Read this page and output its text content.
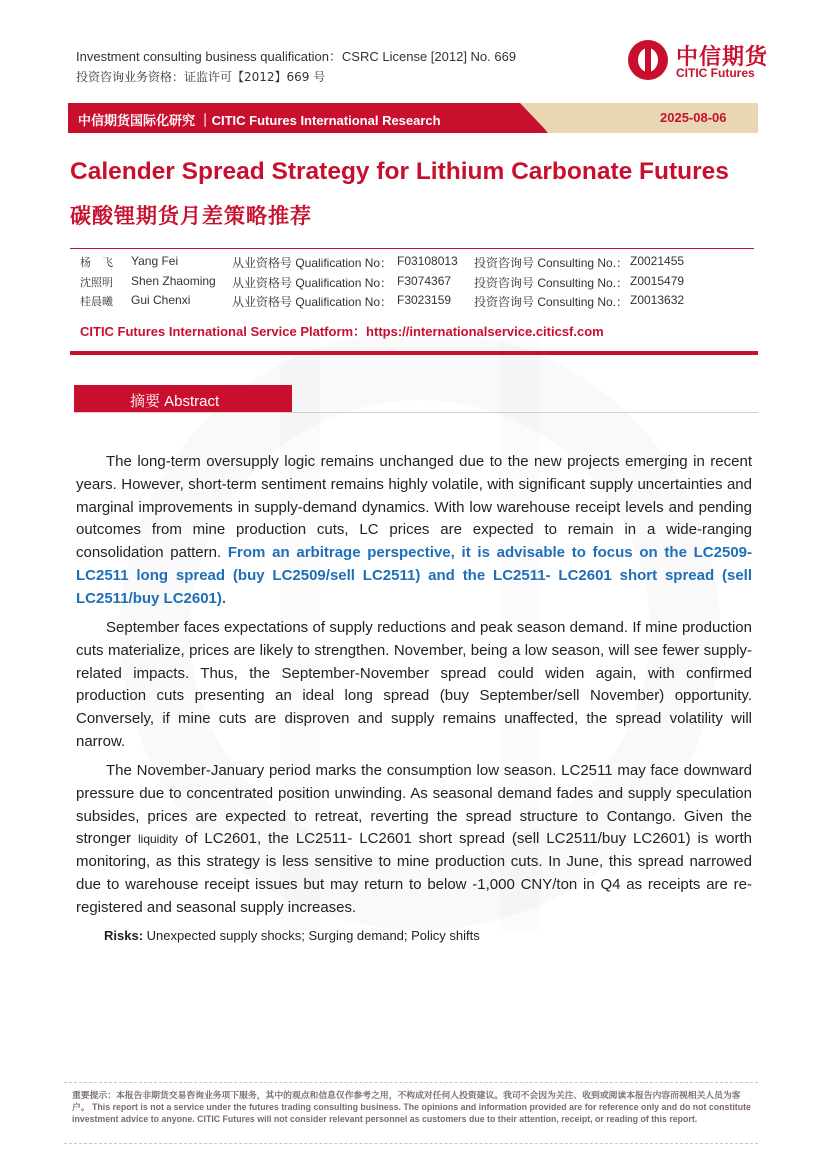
Investment consulting business qualification：CSRC License [2012] No. 669
投资咨询业务资格：证监许可【2012】669 号
中信期货
CITIC Futures
中信期货国际化研究 ｜CITIC Futures International Research	2025-08-06
Calender Spread Strategy for Lithium Carbonate Futures
碳酸锂期货月差策略推荐
杨　飞 Yang Fei	从业资格号 Qualification No： F03108013 投资咨询号 Consulting No.： Z0021455
沈照明 Shen Zhaoming 从业资格号 Qualification No： F3074367 投资咨询号 Consulting No.： Z0015479
桂晨曦 Gui Chenxi	从业资格号 Qualification No： F3023159 投资咨询号 Consulting No.： Z0013632
CITIC Futures International Service Platform：https://internationalservice.citicsf.com
摘要 Abstract

The long-term oversupply logic remains unchanged due to the new projects emerging in recent years. However, short-term sentiment remains highly volatile, with significant supply uncertainties and marginal improvements in supply-demand dynamics. With low warehouse receipt levels and pending outcomes from mine production cuts, LC prices are expected to remain in a wide-ranging consolidation pattern. From an arbitrage perspective, it is advisable to focus on the LC2509-LC2511 long spread (buy LC2509/sell LC2511) and the LC2511- LC2601 short spread (sell LC2511/buy LC2601).

September faces expectations of supply reductions and peak season demand. If mine production cuts materialize, prices are likely to strengthen. November, being a low season, will see fewer supply-related impacts. Thus, the September-November spread could widen again, with confirmed production cuts presenting an ideal long spread (buy September/sell November) opportunity. Conversely, if mine cuts are disproven and supply remains unaffected, the spread volatility will narrow.

The November-January period marks the consumption low season. LC2511 may face downward pressure due to concentrated position unwinding. As seasonal demand fades and supply speculation subsides, prices are expected to retreat, reverting the spread structure to Contango. Given the stronger liquidity of LC2601, the LC2511- LC2601 short spread (sell LC2511/buy LC2601) is worth monitoring, as this strategy is less sensitive to mine production cuts. In June, this spread narrowed due to warehouse receipt issues but may return to below -1,000 CNY/ton in Q4 as receipts are re-registered and seasonal supply increases.

Risks: Unexpected supply shocks; Surging demand; Policy shifts
重要提示：本报告非期货交易咨询业务项下服务，其中的观点和信息仅作参考之用，不构成对任何人投资建议。我司不会因为关注、收到或阅读本报告内容而视相关人员为客户。 This report is not a service under the futures trading consulting business. The opinions and information provided are for reference only and do not constitute investment advice to anyone. CITIC Futures will not consider relevant personnel as customers due to their attention, receipt, or reading of this report.
